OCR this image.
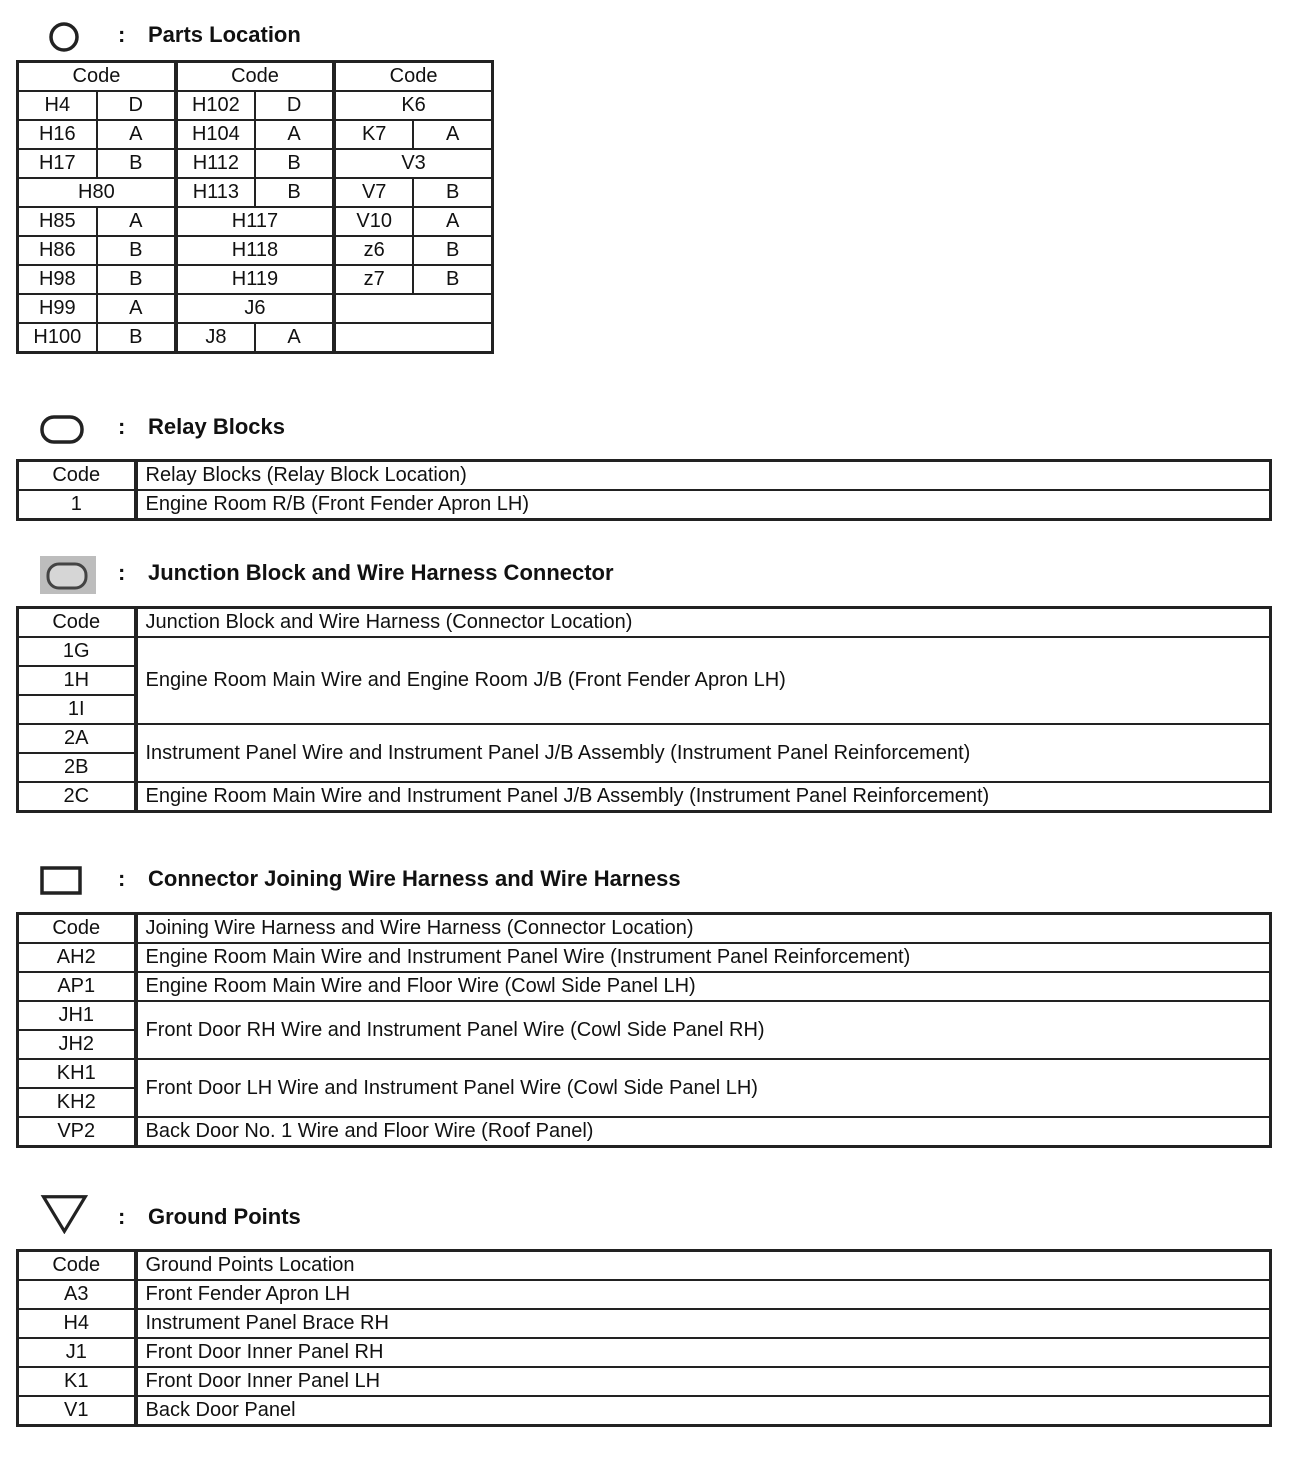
: Parts Location
Code		Code		Code	
H4	D	H102	D	K6	
H16	A	H104	A	K7	A
H17	B	H112	B	V3	
H80		H113	B	V7	B
H85	A	H117		V10	A
H86	B	H118		z6	B
H98	B	H119		z7	B
H99	A	J6			
H100	B	J8	A		
: Relay Blocks
Code	Relay Blocks (Relay Block Location)
1	Engine Room R/B (Front Fender Apron LH)
: Junction Block and Wire Harness Connector
Code	Junction Block and Wire Harness (Connector Location)
1G	Engine Room Main Wire and Engine Room J/B (Front Fender Apron LH)
1H	
1I	
2A	Instrument Panel Wire and Instrument Panel J/B Assembly (Instrument Panel Reinforcement)
2B	
2C	Engine Room Main Wire and Instrument Panel J/B Assembly (Instrument Panel Reinforcement)
: Connector Joining Wire Harness and Wire Harness
Code	Joining Wire Harness and Wire Harness (Connector Location)
AH2	Engine Room Main Wire and Instrument Panel Wire (Instrument Panel Reinforcement)
AP1	Engine Room Main Wire and Floor Wire (Cowl Side Panel LH)
JH1	Front Door RH Wire and Instrument Panel Wire (Cowl Side Panel RH)
JH2	
KH1	Front Door LH Wire and Instrument Panel Wire (Cowl Side Panel LH)
KH2	
VP2	Back Door No. 1 Wire and Floor Wire (Roof Panel)
: Ground Points
Code	Ground Points Location
A3	Front Fender Apron LH
H4	Instrument Panel Brace RH
J1	Front Door Inner Panel RH
K1	Front Door Inner Panel LH
V1	Back Door Panel
